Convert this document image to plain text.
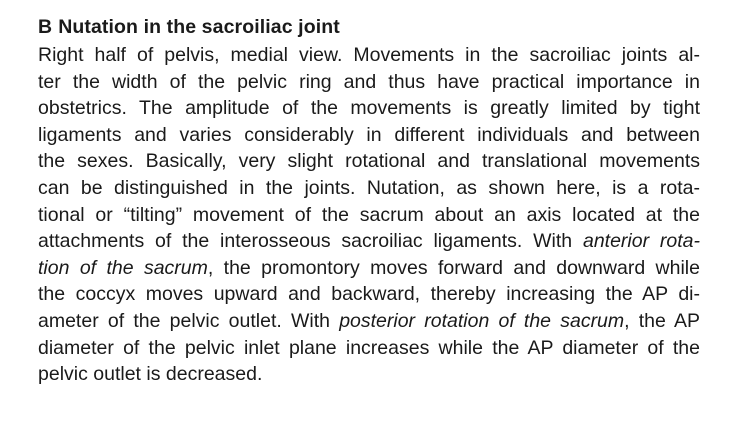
B Nutation in the sacroiliac joint
Right half of pelvis, medial view. Movements in the sacroiliac joints al-
ter the width of the pelvic ring and thus have practical importance in
obstetrics. The amplitude of the movements is greatly limited by tight
ligaments and varies considerably in different individuals and between
the sexes. Basically, very slight rotational and translational movements
can be distinguished in the joints. Nutation, as shown here, is a rota-
tional or “tilting” movement of the sacrum about an axis located at the
attachments of the interosseous sacroiliac ligaments. With anterior rota-
tion of the sacrum, the promontory moves forward and downward while
the coccyx moves upward and backward, thereby increasing the AP di-
ameter of the pelvic outlet. With posterior rotation of the sacrum, the AP
diameter of the pelvic inlet plane increases while the AP diameter of the
pelvic outlet is decreased.
